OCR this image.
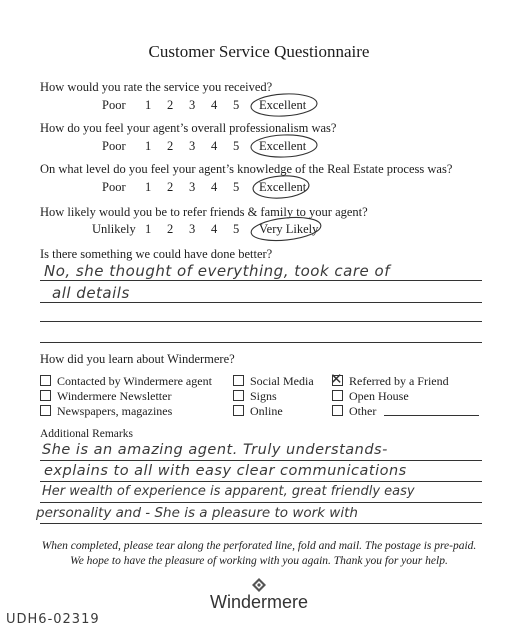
Customer Service Questionnaire
How would you rate the service you received?
Poor 1 2 3 4 5 Excellent
How do you feel your agent’s overall professionalism was?
Poor 1 2 3 4 5 Excellent
On what level do you feel your agent’s knowledge of the Real Estate process was?
Poor 1 2 3 4 5 Excellent
How likely would you be to refer friends & family to your agent?
Unlikely 1 2 3 4 5 Very Likely
Is there something we could have done better?
No, she thought of everything, took care of
all details
How did you learn about Windermere?
Contacted by Windermere agent
Windermere Newsletter
Newspapers, magazines
Social Media
Signs
Online
✕ Referred by a Friend
Open House
Other
Additional Remarks
She is an amazing agent. Truly understands-
explains to all with easy clear communications
Her wealth of experience is apparent, great friendly easy
personality and - She is a pleasure to work with
When completed, please tear along the perforated line, fold and mail. The postage is pre-paid.
We hope to have the pleasure of working with you again. Thank you for your help.
Windermere
UDH6-02319
